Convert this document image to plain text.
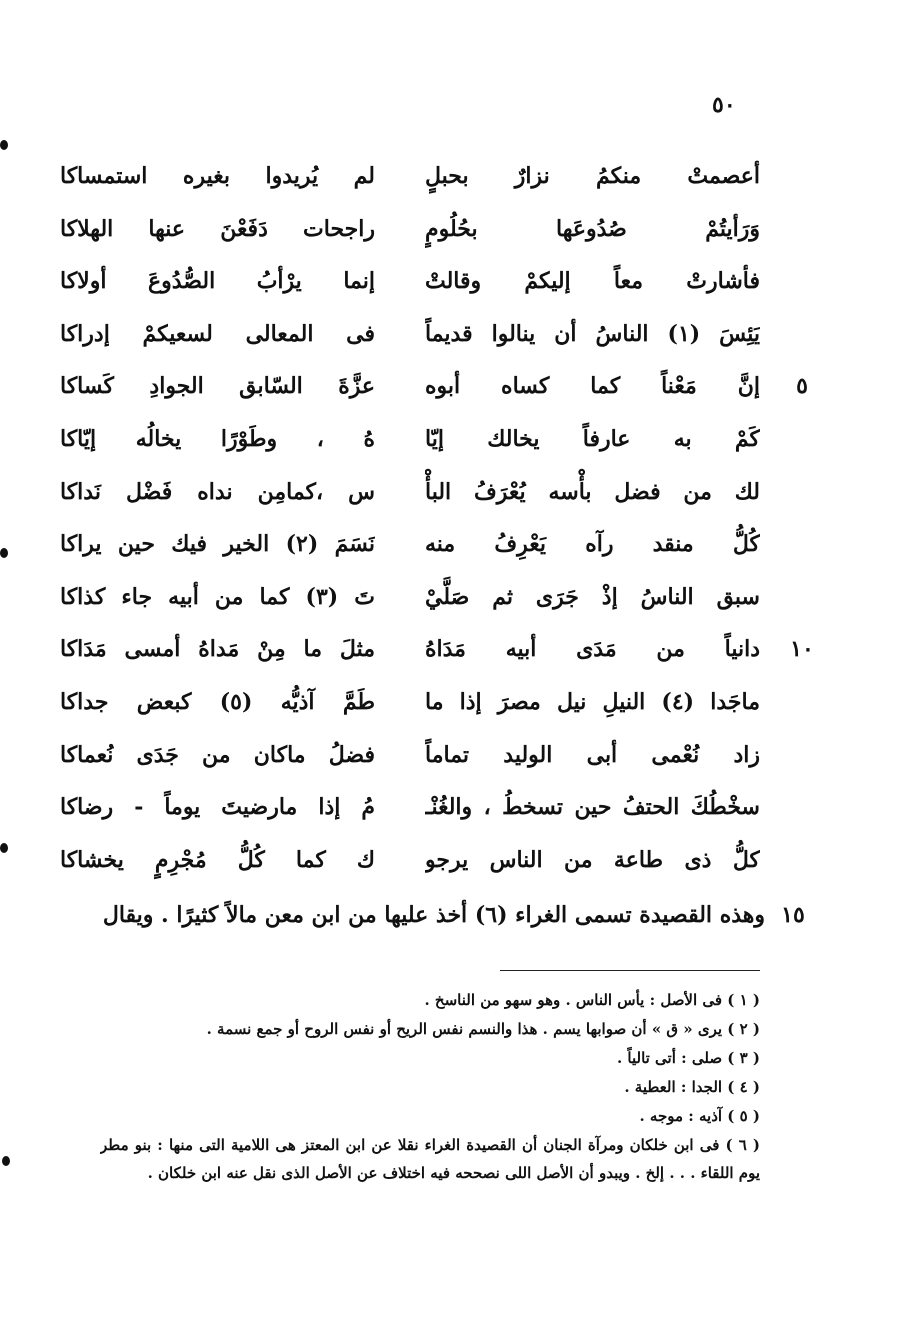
٥٠
أعصمتْ منكمُ نزارٌ بحبلٍ
لم يُريدوا بغيره استمساكا
وَرَأيتُمْ صُدُوعَها بحُلُومٍ
راجحات دَفَعْنَ عنها الهلاكا
فأشارتْ معاً إليكمْ وقالتْ
إنما يرْأبُ الصُّدُوعَ أولاكا
يَئِسَ (١) الناسُ أن ينالوا قديماً
فى المعالى لسعيكمْ إدراكا
إنَّ مَعْناً كما كساه أبوه
عزَّةَ السّابق الجوادِ كَساكا	٥
كَمْ به عارفاً يخالك إيّا
هُ ، وطَوْرًا يخالُه إيّاكا
لك من فضل بأْسه يُعْرَفُ البأْ
س ،كمامِن نداه فَضْل نَداكا
كُلُّ منقد رآه يَعْرِفُ منه
نَسَمَ (٢) الخير فيك حين يراكا
سبق الناسُ إذْ جَرَى ثم صَلَّيْ
تَ (٣) كما من أبيه جاء كذاكا
دانياً من مَدَى أبيه مَدَاهُ
مثلَ ما مِنْ مَداهُ أمسى مَدَاكا	١٠
ماجَدا (٤) النيلِ نيل مصرَ إذا ما
طَمَّ آذيُّه (٥) كبعض جداكا
زاد نُعْمى أبى الوليد تماماً
فضلُ ماكان من جَدَى نُعماكا
سخْطُكَ الحتفُ حين تسخطُ ، والغُنْـ
مُ إذا مارضيتَ يوماً - رضاكا
كلُّ ذى طاعة من الناس يرجو
ك كما كُلُّ مُجْرِمٍ يخشاكا
١٥
وهذه القصيدة تسمى الغراء (٦) أخذ عليها من ابن معن مالاً كثيرًا . ويقال

( ١ ) فى الأصل : يأس الناس . وهو سهو من الناسخ .

( ٢ ) يرى « ق » أن صوابها يسم . هذا والنسم نفس الريح أو نفس الروح أو جمع نسمة .

( ٣ ) صلى : أتى تالياً .

( ٤ ) الجدا : العطية .

( ٥ ) آذيه : موجه .

( ٦ ) فى ابن خلكان ومرآة الجنان أن القصيدة الغراء نقلا عن ابن المعتز هى اللامية التى منها : بنو مطر يوم اللقاء . . . إلخ . ويبدو أن الأصل اللى نصححه فيه اختلاف عن الأصل الذى نقل عنه ابن خلكان .
